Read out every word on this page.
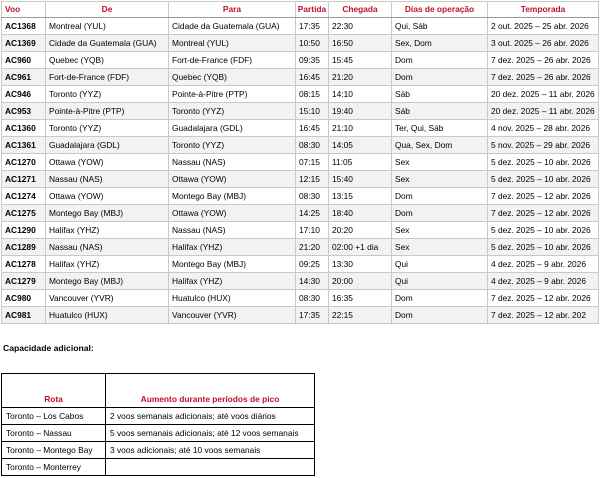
Voo	De	Para	Partida	Chegada	Dias de operação	Temporada
AC1368	Montreal (YUL)	Cidade da Guatemala (GUA)	17:35	22:30	Qui, Sáb	2 out. 2025 – 25 abr. 2026
AC1369	Cidade da Guatemala (GUA)	Montreal (YUL)	10:50	16:50	Sex, Dom	3 out. 2025 – 26 abr. 2026
AC960	Quebec (YQB)	Fort-de-France (FDF)	09:35	15:45	Dom	7 dez. 2025 – 26 abr. 2026
AC961	Fort-de-France (FDF)	Quebec (YQB)	16:45	21:20	Dom	7 dez. 2025 – 26 abr. 2026
AC946	Toronto (YYZ)	Pointe-à-Pitre (PTP)	08:15	14:10	Sáb	20 dez. 2025 – 11 abr. 2026
AC953	Pointe-à-Pitre (PTP)	Toronto (YYZ)	15:10	19:40	Sáb	20 dez. 2025 – 11 abr. 2026
AC1360	Toronto (YYZ)	Guadalajara (GDL)	16:45	21:10	Ter, Qui, Sáb	4 nov. 2025 – 28 abr. 2026
AC1361	Guadalajara (GDL)	Toronto (YYZ)	08:30	14:05	Qua, Sex, Dom	5 nov. 2025 – 29 abr. 2026
AC1270	Ottawa (YOW)	Nassau (NAS)	07:15	11:05	Sex	5 dez. 2025 – 10 abr. 2026
AC1271	Nassau (NAS)	Ottawa (YOW)	12:15	15:40	Sex	5 dez. 2025 – 10 abr. 2026
AC1274	Ottawa (YOW)	Montego Bay (MBJ)	08:30	13:15	Dom	7 dez. 2025 – 12 abr. 2026
AC1275	Montego Bay (MBJ)	Ottawa (YOW)	14:25	18:40	Dom	7 dez. 2025 – 12 abr. 2026
AC1290	Halifax (YHZ)	Nassau (NAS)	17:10	20:20	Sex	5 dez. 2025 – 10 abr. 2026
AC1289	Nassau (NAS)	Halifax (YHZ)	21:20	02:00 +1 dia	Sex	5 dez. 2025 – 10 abr. 2026
AC1278	Halifax (YHZ)	Montego Bay (MBJ)	09:25	13:30	Qui	4 dez. 2025 – 9 abr. 2026
AC1279	Montego Bay (MBJ)	Halifax (YHZ)	14:30	20:00	Qui	4 dez. 2025 – 9 abr. 2026
AC980	Vancouver (YVR)	Huatulco (HUX)	08:30	16:35	Dom	7 dez. 2025 – 12 abr. 2026
AC981	Huatulco (HUX)	Vancouver (YVR)	17:35	22:15	Dom	7 dez. 2025 – 12 abr. 202
Capacidade adicional:
Rota	Aumento durante períodos de pico
Toronto – Los Cabos	2 voos semanais adicionais; até voos diários
Toronto – Nassau	5 voos semanais adicionais; até 12 voos semanais
Toronto – Montego Bay	3 voos adicionais; até 10 voos semanais
Toronto – Monterrey	
